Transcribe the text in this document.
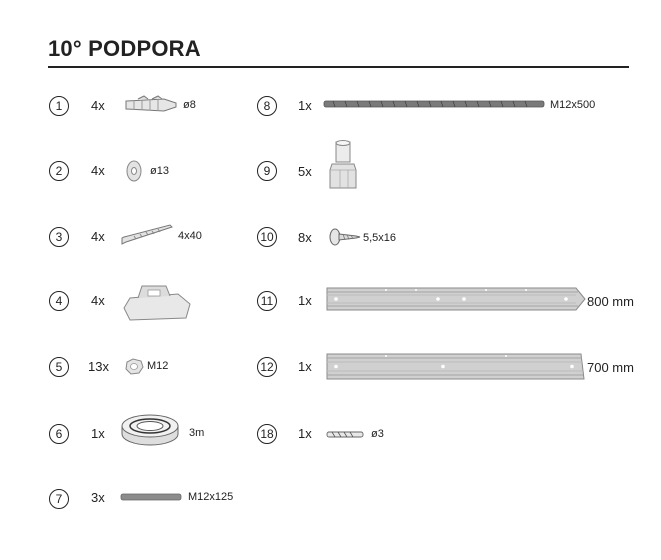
10° PODPORA
1	4x	ø8
2	4x	ø13
3	4x	4x40
4	4x
5	13x	M12
6	1x	3m
7	3x	M12x125
8	1x	M12x500
9	5x
10 8x	5,5x16
11 1x	800 mm
12 1x	700 mm
18 1x	ø3
